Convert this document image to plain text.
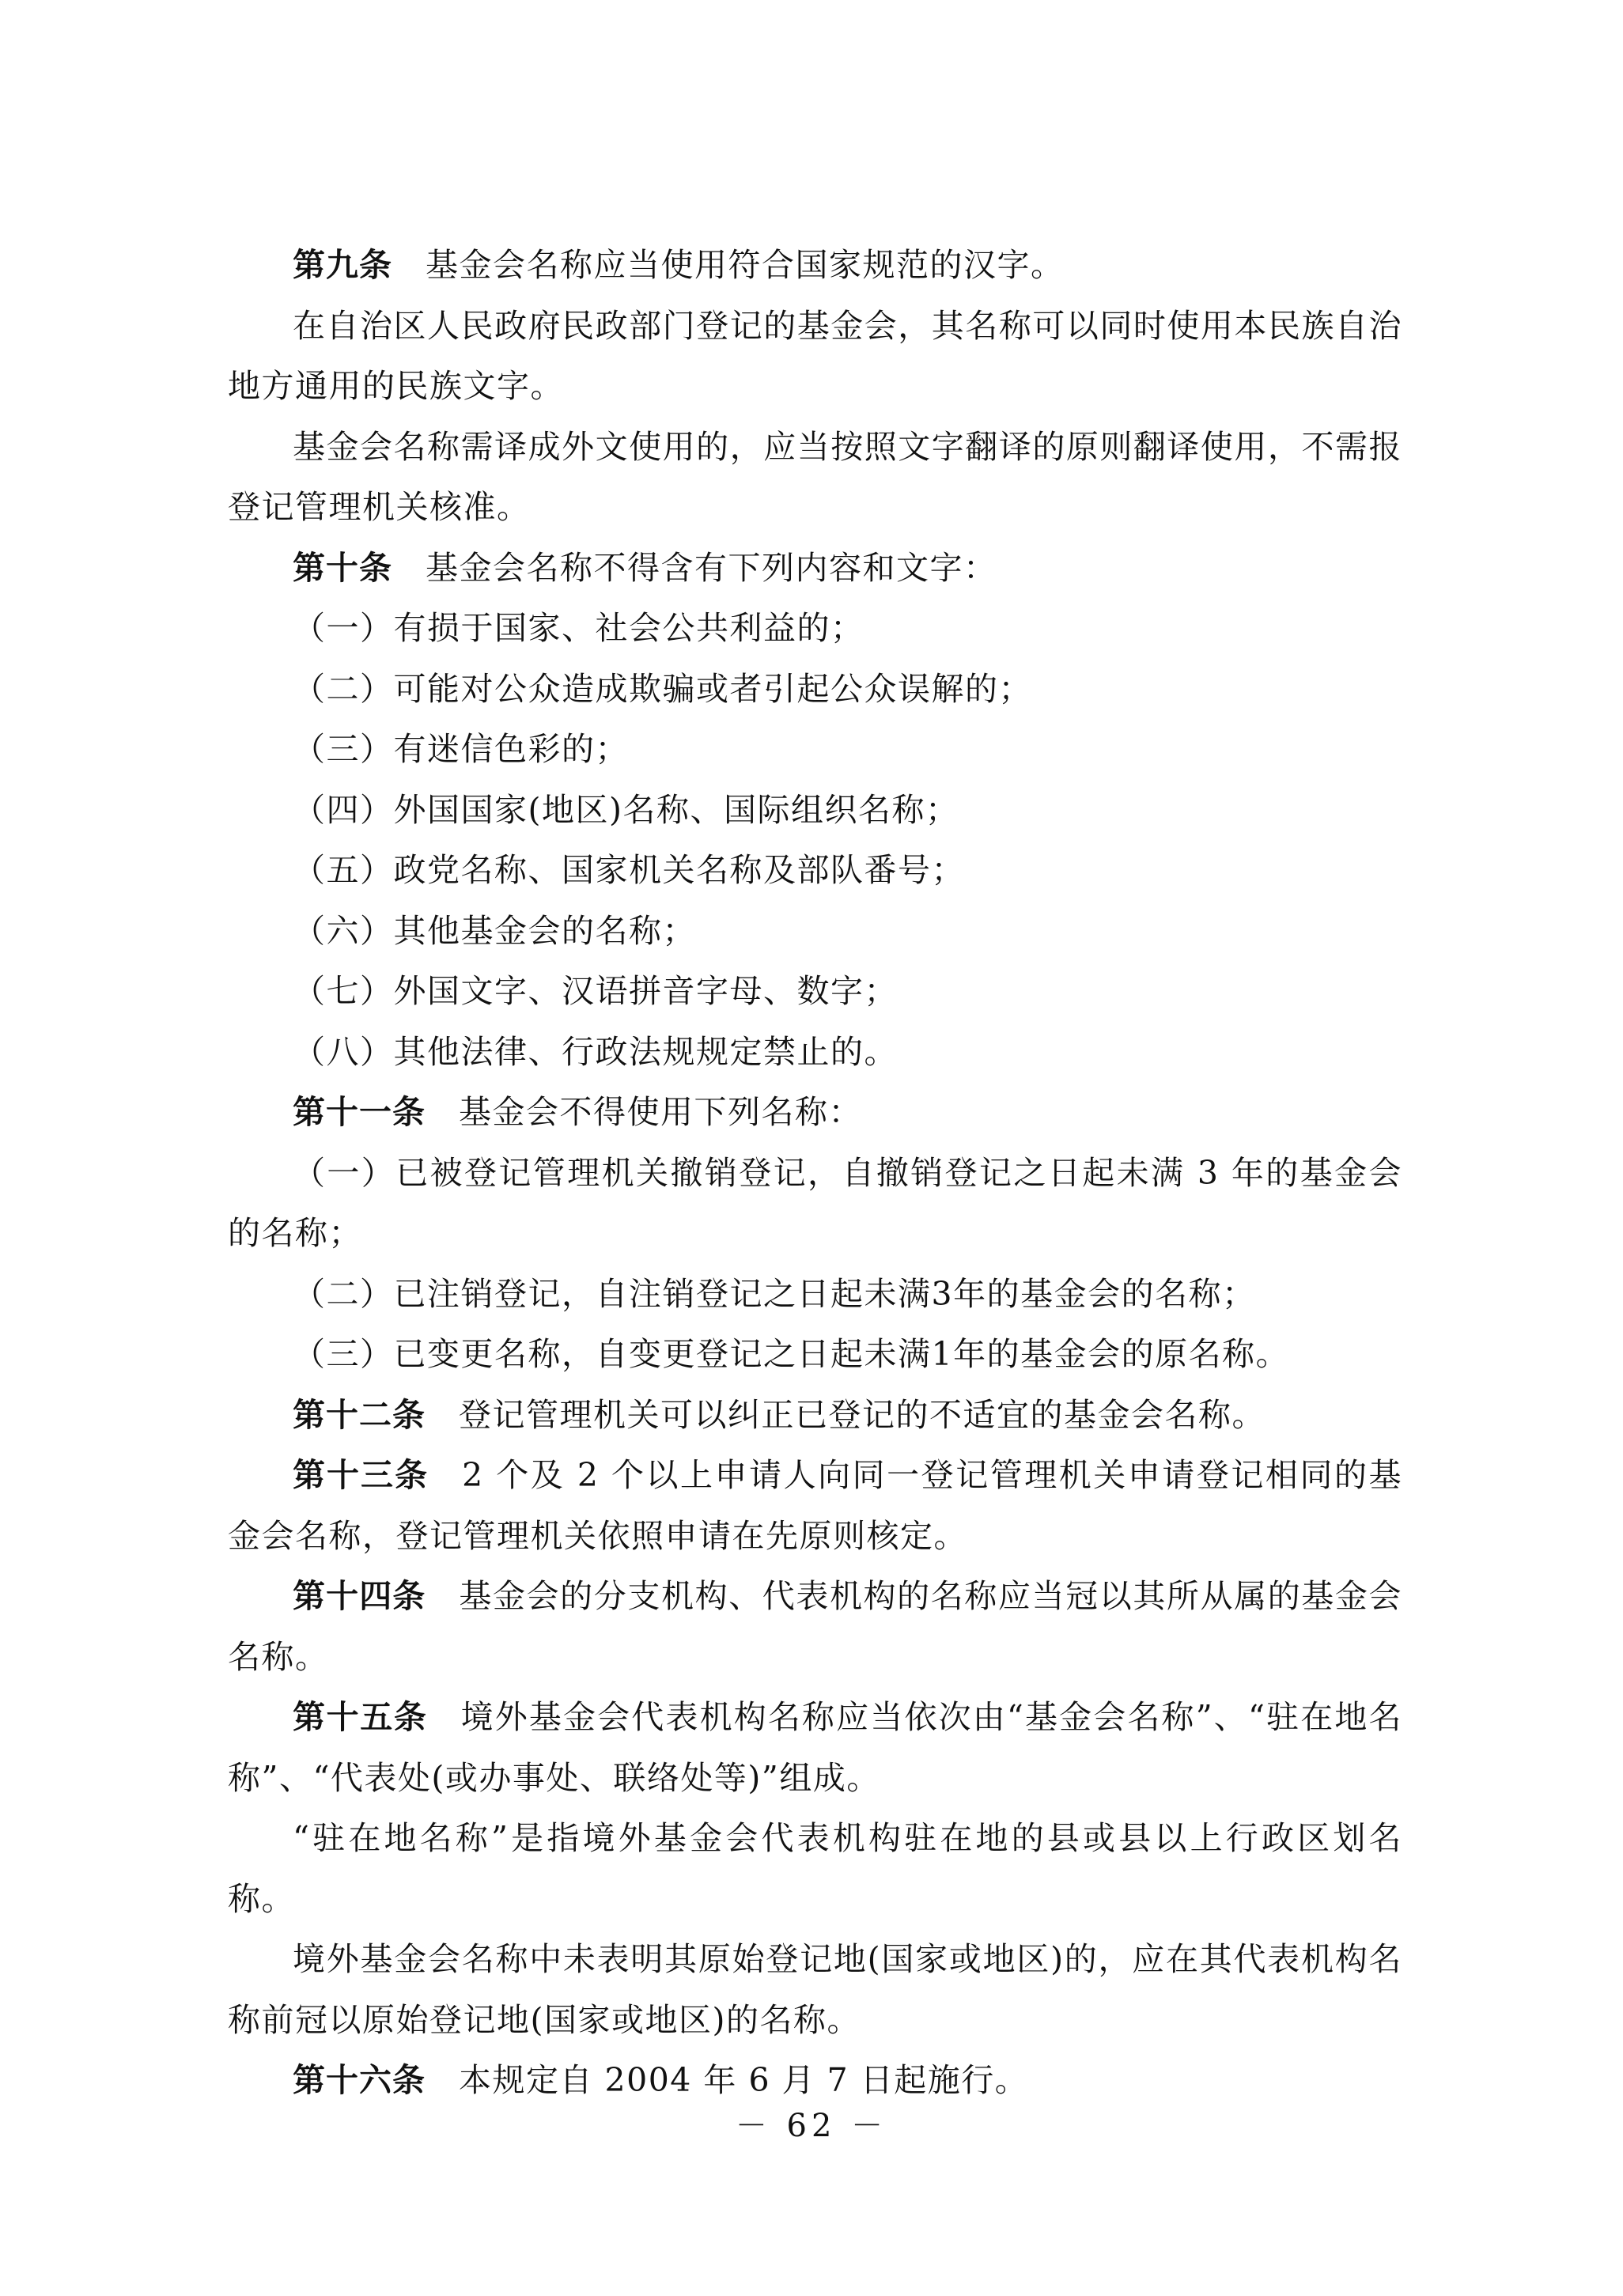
第九条 基金会名称应当使用符合国家规范的汉字。

在自治区人民政府民政部门登记的基金会，其名称可以同时使用本民族自治地方通用的民族文字。

基金会名称需译成外文使用的，应当按照文字翻译的原则翻译使用，不需报登记管理机关核准。

第十条 基金会名称不得含有下列内容和文字：

（一）有损于国家、社会公共利益的；

（二）可能对公众造成欺骗或者引起公众误解的；

（三）有迷信色彩的；

（四）外国国家(地区)名称、国际组织名称；

（五）政党名称、国家机关名称及部队番号；

（六）其他基金会的名称；

（七）外国文字、汉语拼音字母、数字；

（八）其他法律、行政法规规定禁止的。

第十一条 基金会不得使用下列名称：

（一）已被登记管理机关撤销登记，自撤销登记之日起未满 3 年的基金会的名称；

（二）已注销登记，自注销登记之日起未满3年的基金会的名称；

（三）已变更名称，自变更登记之日起未满1年的基金会的原名称。

第十二条 登记管理机关可以纠正已登记的不适宜的基金会名称。

第十三条 2 个及 2 个以上申请人向同一登记管理机关申请登记相同的基金会名称，登记管理机关依照申请在先原则核定。

第十四条 基金会的分支机构、代表机构的名称应当冠以其所从属的基金会名称。

第十五条 境外基金会代表机构名称应当依次由“基金会名称”、“驻在地名称”、“代表处(或办事处、联络处等)”组成。

“驻在地名称”是指境外基金会代表机构驻在地的县或县以上行政区划名称。

境外基金会名称中未表明其原始登记地(国家或地区)的，应在其代表机构名称前冠以原始登记地(国家或地区)的名称。

第十六条 本规定自 2004 年 6 月 7 日起施行。

－ 62 －
